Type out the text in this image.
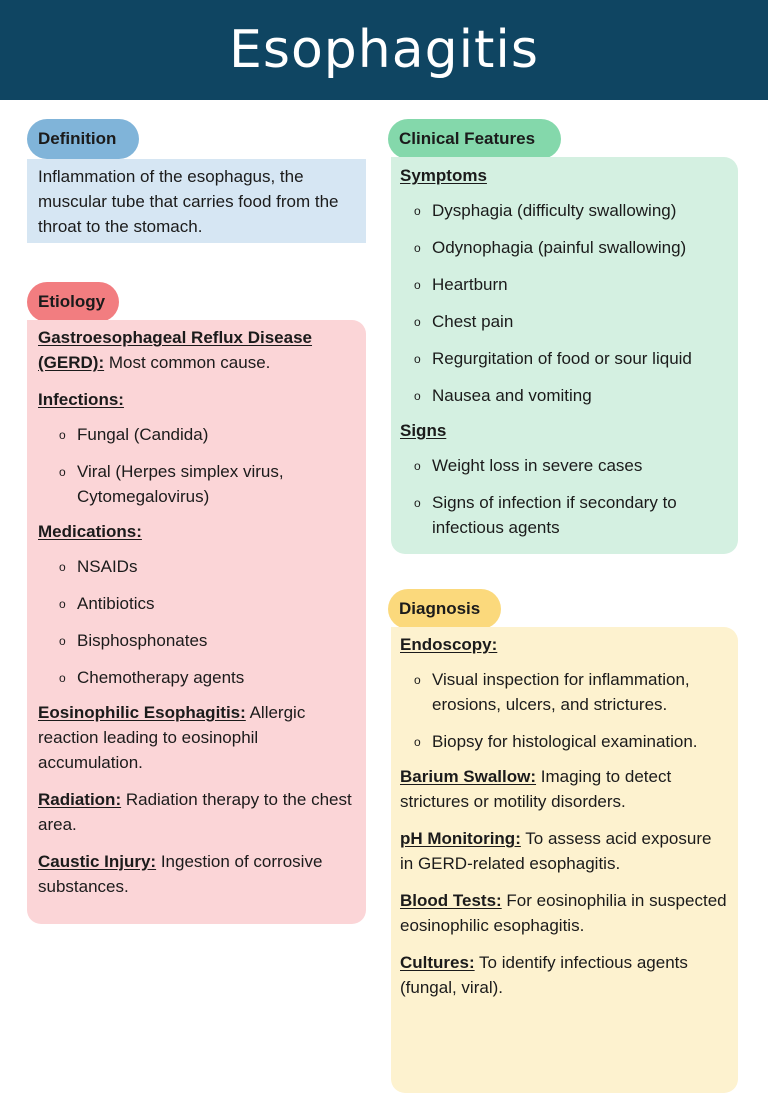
Esophagitis
Definition
Inflammation of the esophagus, the muscular tube that carries food from the throat to the stomach.
Etiology
Gastroesophageal Reflux Disease (GERD): Most common cause.
Infections:
o Fungal (Candida)
o Viral (Herpes simplex virus, Cytomegalovirus)
Medications:
o NSAIDs
o Antibiotics
o Bisphosphonates
o Chemotherapy agents
Eosinophilic Esophagitis: Allergic reaction leading to eosinophil accumulation.
Radiation: Radiation therapy to the chest area.
Caustic Injury: Ingestion of corrosive substances.
Clinical Features
Symptoms
o Dysphagia (difficulty swallowing)
o Odynophagia (painful swallowing)
o Heartburn
o Chest pain
o Regurgitation of food or sour liquid
o Nausea and vomiting
Signs
o Weight loss in severe cases
o Signs of infection if secondary to infectious agents
Diagnosis
Endoscopy:
o Visual inspection for inflammation, erosions, ulcers, and strictures.
o Biopsy for histological examination.
Barium Swallow: Imaging to detect strictures or motility disorders.
pH Monitoring: To assess acid exposure in GERD-related esophagitis.
Blood Tests: For eosinophilia in suspected eosinophilic esophagitis.
Cultures: To identify infectious agents (fungal, viral).
